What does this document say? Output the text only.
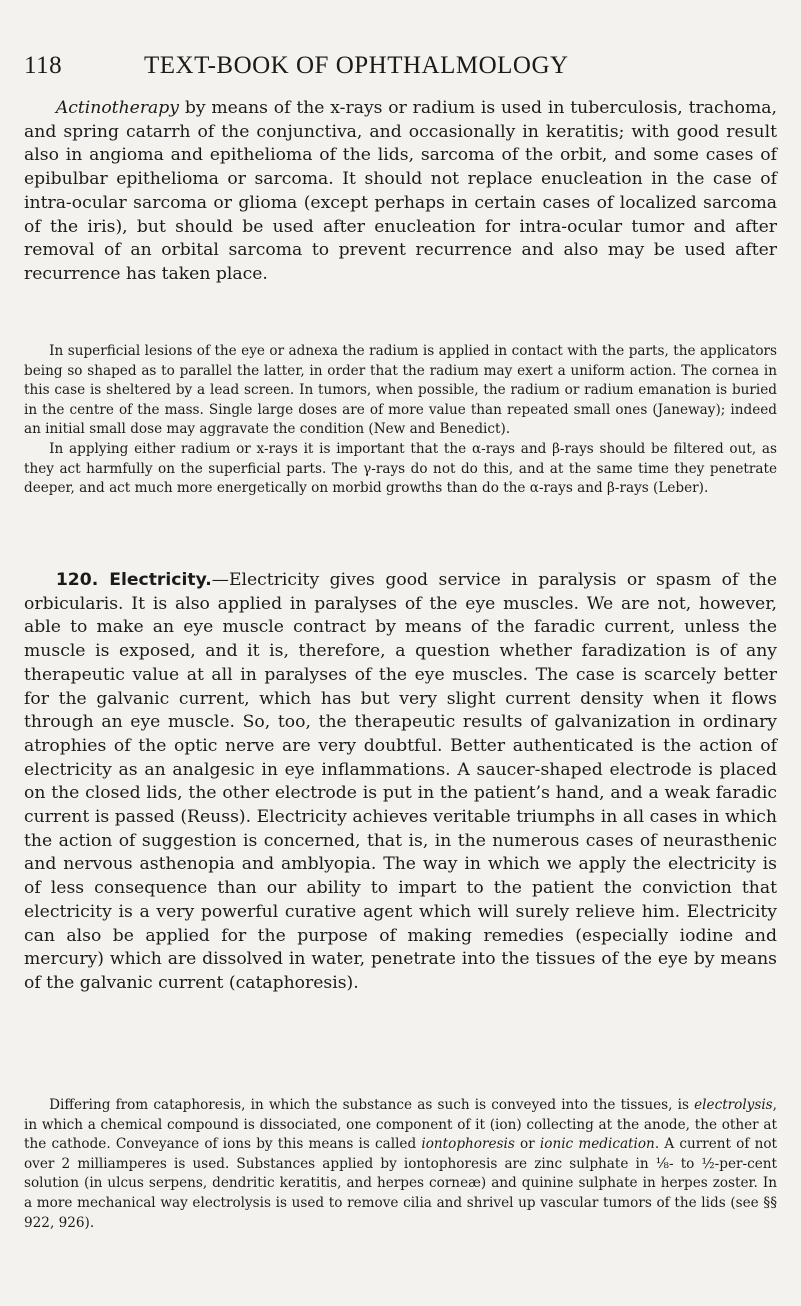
118	TEXT-BOOK OF OPHTHALMOLOGY

Actinotherapy by means of the x-rays or radium is used in tuberculosis, trachoma, and spring catarrh of the conjunctiva, and occasionally in keratitis; with good result also in angioma and epithelioma of the lids, sarcoma of the orbit, and some cases of epibulbar epithelioma or sarcoma. It should not replace enucleation in the case of intra-ocular sarcoma or glioma (except perhaps in certain cases of localized sarcoma of the iris), but should be used after enucleation for intra-ocular tumor and after removal of an orbital sarcoma to prevent recurrence and also may be used after recurrence has taken place.

In superficial lesions of the eye or adnexa the radium is applied in contact with the parts, the applicators being so shaped as to parallel the latter, in order that the radium may exert a uniform action. The cornea in this case is sheltered by a lead screen. In tumors, when possible, the radium or radium emanation is buried in the centre of the mass. Single large doses are of more value than repeated small ones (Janeway); indeed an initial small dose may aggravate the condition (New and Benedict).

In applying either radium or x-rays it is important that the α-rays and β-rays should be filtered out, as they act harmfully on the superficial parts. The γ-rays do not do this, and at the same time they penetrate deeper, and act much more energetically on morbid growths than do the α-rays and β-rays (Leber).

120. Electricity.—Electricity gives good service in paralysis or spasm of the orbicularis. It is also applied in paralyses of the eye muscles. We are not, however, able to make an eye muscle contract by means of the faradic current, unless the muscle is exposed, and it is, therefore, a question whether faradization is of any therapeutic value at all in paralyses of the eye muscles. The case is scarcely better for the galvanic current, which has but very slight current density when it flows through an eye muscle. So, too, the therapeutic results of galvanization in ordinary atrophies of the optic nerve are very doubtful. Better authenticated is the action of electricity as an analgesic in eye inflammations. A saucer-shaped electrode is placed on the closed lids, the other electrode is put in the patient’s hand, and a weak faradic current is passed (Reuss). Electricity achieves veritable triumphs in all cases in which the action of suggestion is concerned, that is, in the numerous cases of neurasthenic and nervous asthenopia and amblyopia. The way in which we apply the electricity is of less consequence than our ability to impart to the patient the conviction that electricity is a very powerful curative agent which will surely relieve him. Electricity can also be applied for the purpose of making remedies (especially iodine and mercury) which are dissolved in water, penetrate into the tissues of the eye by means of the galvanic current (cataphoresis).

Differing from cataphoresis, in which the substance as such is conveyed into the tissues, is electrolysis, in which a chemical compound is dissociated, one component of it (ion) collecting at the anode, the other at the cathode. Conveyance of ions by this means is called iontophoresis or ionic medication. A current of not over 2 milliamperes is used. Substances applied by iontophoresis are zinc sulphate in ⅛- to ½-per-cent solution (in ulcus serpens, dendritic keratitis, and herpes corneæ) and quinine sulphate in herpes zoster. In a more mechanical way electrolysis is used to remove cilia and shrivel up vascular tumors of the lids (see §§ 922, 926).
